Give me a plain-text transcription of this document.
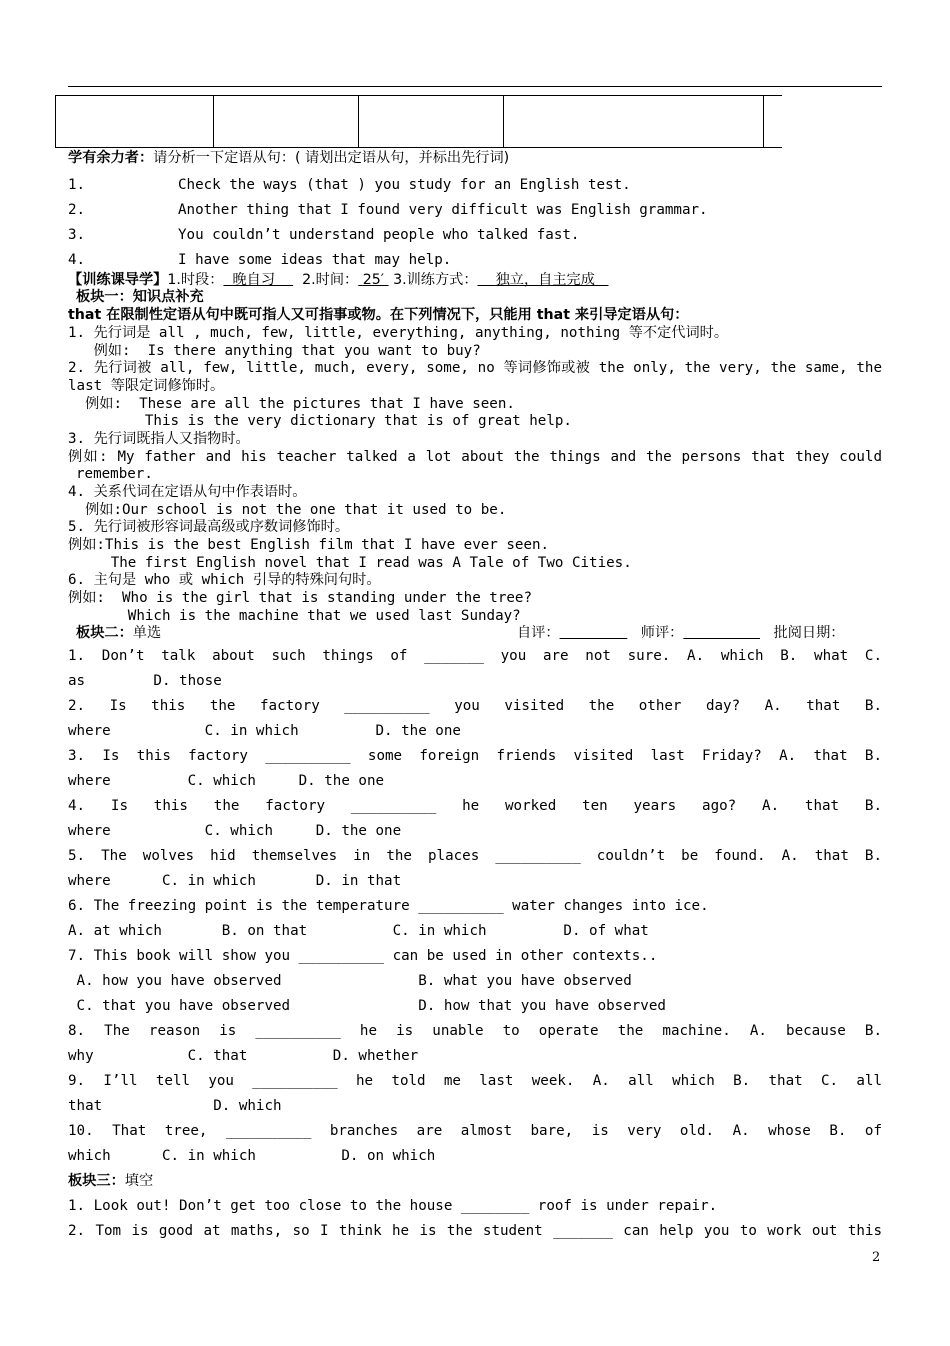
学有余力者：请分析一下定语从句：( 请划出定语从句，并标出先行词)
1.	Check the ways (that ) you study for an English test.
2.	Another thing that I found very difficult was English grammar.
3.	You couldn’t understand people who talked fast.
4.	I have some ideas that may help.
【训练课导学】1.时段： 晚自习 2.时间： 25′ 3.训练方式： 独立，自主完成
板块一：知识点补充
that 在限制性定语从句中既可指人又可指事或物。在下列情况下，只能用 that 来引导定语从句：
1. 先行词是 all , much, few, little, everything, anything, nothing 等不定代词时。
例如:  Is there anything that you want to buy?
2. 先行词被 all, few, little, much, every, some, no 等词修饰或被 the only, the very, the same, the
last 等限定词修饰时。
例如:  These are all the pictures that I have seen.
This is the very dictionary that is of great help.
3. 先行词既指人又指物时。
例如: My father and his teacher talked a lot about the things and the persons that they could
remember.
4. 关系代词在定语从句中作表语时。
例如:Our school is not the one that it used to be.
5. 先行词被形容词最高级或序数词修饰时。
例如:This is the best English film that I have ever seen.
The first English novel that I read was A Tale of Two Cities.
6. 主句是 who 或 which 引导的特殊问句时。
例如:  Who is the girl that is standing under the tree?
Which is the machine that we used last Sunday?
板块二：单选	自评：	师评：	批阅日期：
1. Don’t talk about such things of _______ you are not sure. A. which B. what C.
as        D. those
2. Is this the factory __________ you visited the other day? A. that B.
where           C. in which         D. the one
3. Is this factory __________ some foreign friends visited last Friday? A. that B.
where         C. which     D. the one
4. Is this the factory __________ he worked ten years ago? A. that B.
where           C. which     D. the one
5. The wolves hid themselves in the places __________ couldn’t be found. A. that B.
where      C. in which       D. in that
6. The freezing point is the temperature __________ water changes into ice.
A. at which       B. on that          C. in which         D. of what
7. This book will show you __________ can be used in other contexts..
A. how you have observed                B. what you have observed
C. that you have observed               D. how that you have observed
8. The reason is __________ he is unable to operate the machine. A. because B.
why           C. that          D. whether
9. I’ll tell you __________ he told me last week. A. all which B. that C. all
that             D. which
10. That tree, __________ branches are almost bare, is very old. A. whose B. of
which      C. in which          D. on which
板块三：填空
1. Look out! Don’t get too close to the house ________ roof is under repair.
2. Tom is good at maths, so I think he is the student _______ can help you to work out this
2
